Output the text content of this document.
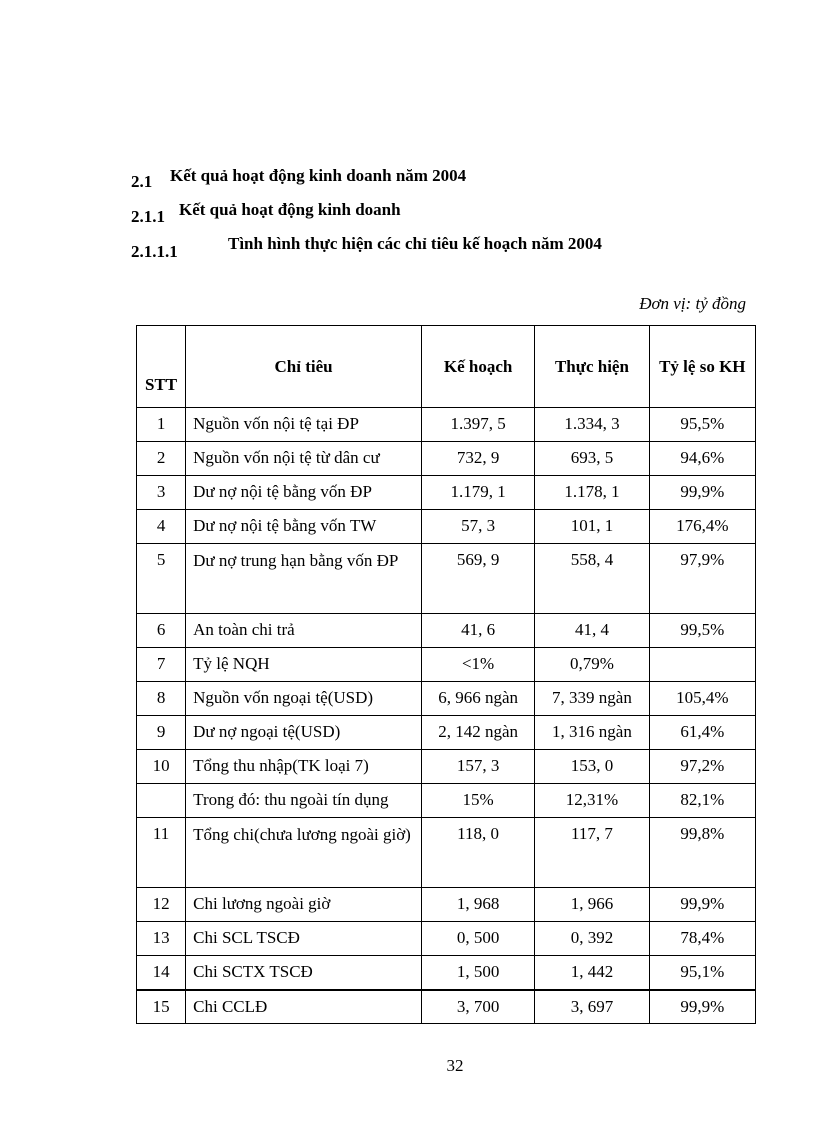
2.1 Kết quả hoạt động kinh doanh năm 2004
2.1.1 Kết quả hoạt động kinh doanh
2.1.1.1	Tình hình thực hiện các chỉ tiêu kế hoạch năm 2004
Đơn vị: tỷ đồng
STT	Chỉ tiêu	Kế hoạch	Thực hiện	Tỷ lệ so KH
1	Nguồn vốn nội tệ tại ĐP	1.397, 5	1.334, 3	95,5%
2	Nguồn vốn nội tệ từ dân cư	732, 9	693, 5	94,6%
3	Dư nợ nội tệ bằng vốn ĐP	1.179, 1	1.178, 1	99,9%
4	Dư nợ nội tệ bằng vốn TW	57, 3	101, 1	176,4%
5	Dư nợ trung hạn bằng vốn ĐP	569, 9	558, 4	97,9%
6	An toàn chi trả	41, 6	41, 4	99,5%
7	Tỷ lệ NQH	<1%	0,79%	
8	Nguồn vốn ngoại tệ(USD)	6, 966 ngàn	7, 339 ngàn	105,4%
9	Dư nợ ngoại tệ(USD)	2, 142 ngàn	1, 316 ngàn	61,4%
10	Tổng thu nhập(TK loại 7)	157, 3	153, 0	97,2%
	Trong đó: thu ngoài tín dụng	15%	12,31%	82,1%
11	Tổng chi(chưa lương ngoài giờ)	118, 0	117, 7	99,8%
12	Chi lương ngoài giờ	1, 968	1, 966	99,9%
13	Chi SCL TSCĐ	0, 500	0, 392	78,4%
14	Chi SCTX TSCĐ	1, 500	1, 442	95,1%
15	Chi CCLĐ	3, 700	3, 697	99,9%
32
